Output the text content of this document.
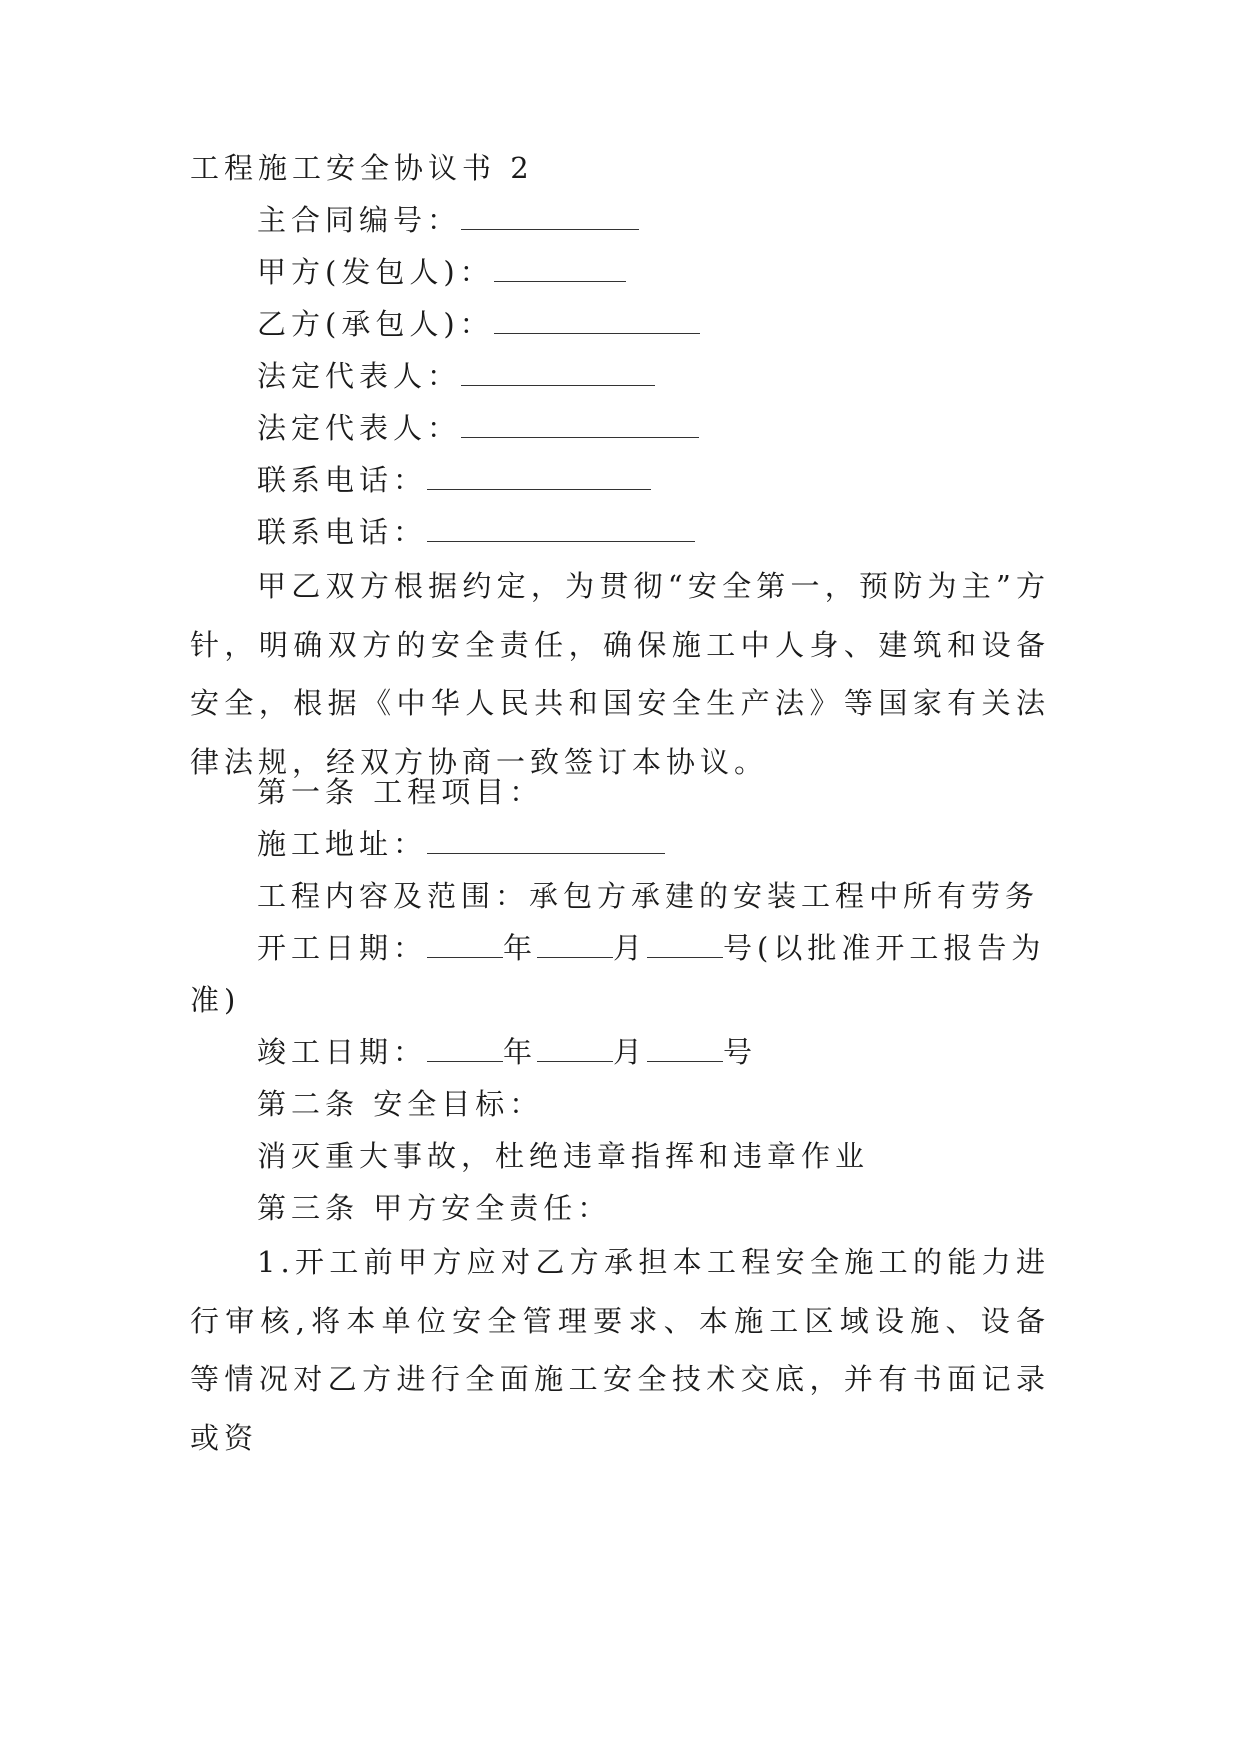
工程施工安全协议书 2
主合同编号：
甲方(发包人)：
乙方(承包人)：
法定代表人：
法定代表人：
联系电话：
联系电话：
甲乙双方根据约定，为贯彻“安全第一，预防为主”方针，明确双方的安全责任，确保施工中人身、建筑和设备安全，根据《中华人民共和国安全生产法》等国家有关法律法规，经双方协商一致签订本协议。
第一条 工程项目：
施工地址：
工程内容及范围：承包方承建的安装工程中所有劳务
开工日期：	年	月	号(以批准开工报告为
准)
竣工日期：	年	月	号
第二条 安全目标：
消灭重大事故，杜绝违章指挥和违章作业
第三条 甲方安全责任：
1.开工前甲方应对乙方承担本工程安全施工的能力进行审核,将本单位安全管理要求、本施工区域设施、设备等情况对乙方进行全面施工安全技术交底，并有书面记录或资
